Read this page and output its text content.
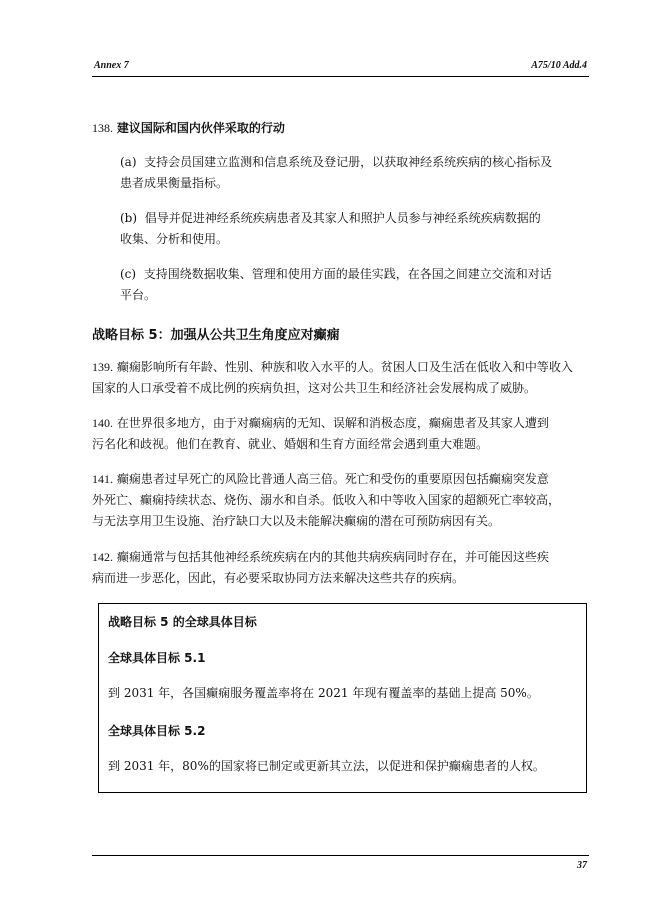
Annex 7	A75/10 Add.4
138. 建议国际和国内伙伴采取的行动
(a) 支持会员国建立监测和信息系统及登记册，以获取神经系统疾病的核心指标及
患者成果衡量指标。
(b) 倡导并促进神经系统疾病患者及其家人和照护人员参与神经系统疾病数据的
收集、分析和使用。
(c) 支持围绕数据收集、管理和使用方面的最佳实践，在各国之间建立交流和对话
平台。
战略目标 5：加强从公共卫生角度应对癫痫
139. 癫痫影响所有年龄、性别、种族和收入水平的人。贫困人口及生活在低收入和中等收入
国家的人口承受着不成比例的疾病负担，这对公共卫生和经济社会发展构成了威胁。
140. 在世界很多地方，由于对癫痫病的无知、误解和消极态度，癫痫患者及其家人遭到
污名化和歧视。他们在教育、就业、婚姻和生育方面经常会遇到重大难题。
141. 癫痫患者过早死亡的风险比普通人高三倍。死亡和受伤的重要原因包括癫痫突发意
外死亡、癫痫持续状态、烧伤、溺水和自杀。低收入和中等收入国家的超额死亡率较高，
与无法享用卫生设施、治疗缺口大以及未能解决癫痫的潜在可预防病因有关。
142. 癫痫通常与包括其他神经系统疾病在内的其他共病疾病同时存在，并可能因这些疾
病而进一步恶化，因此，有必要采取协同方法来解决这些共存的疾病。
战略目标 5 的全球具体目标
全球具体目标 5.1
到 2031 年，各国癫痫服务覆盖率将在 2021 年现有覆盖率的基础上提高 50%。
全球具体目标 5.2
到 2031 年，80%的国家将已制定或更新其立法，以促进和保护癫痫患者的人权。
37
